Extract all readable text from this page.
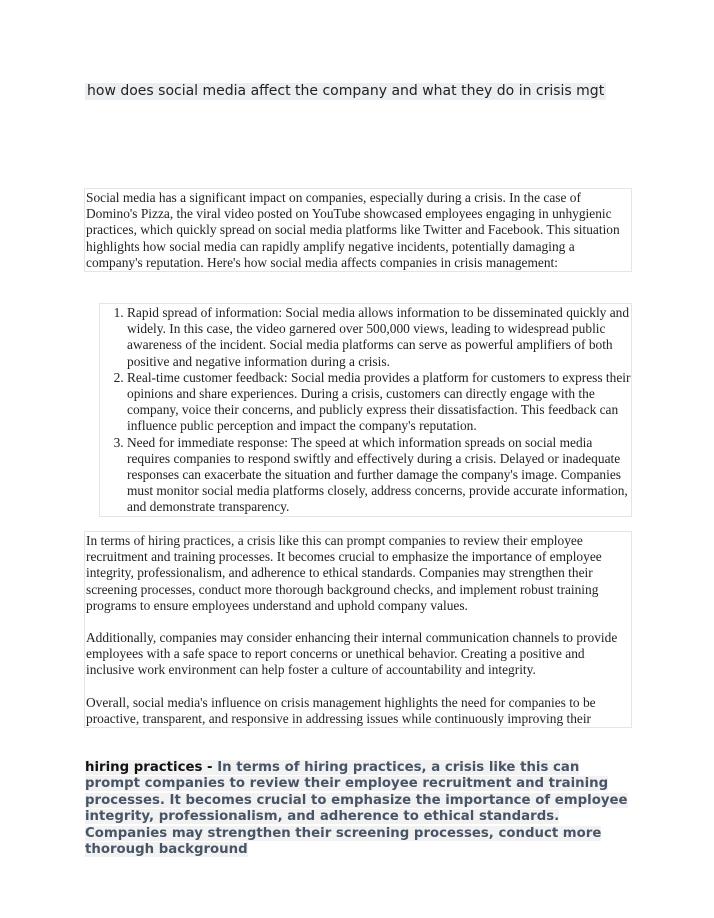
how does social media aﬀect the company and what they do in crisis mgt

Social media has a significant impact on companies, especially during a crisis. In the case of Domino's Pizza, the viral video posted on YouTube showcased employees engaging in unhygienic practices, which quickly spread on social media platforms like Twitter and Facebook. This situation highlights how social media can rapidly amplify negative incidents, potentially damaging a company's reputation. Here's how social media affects companies in crisis management:

1. Rapid spread of information: Social media allows information to be disseminated quickly and widely. In this case, the video garnered over 500,000 views, leading to widespread public awareness of the incident. Social media platforms can serve as powerful amplifiers of both positive and negative information during a crisis.
2. Real-time customer feedback: Social media provides a platform for customers to express their opinions and share experiences. During a crisis, customers can directly engage with the company, voice their concerns, and publicly express their dissatisfaction. This feedback can influence public perception and impact the company's reputation.
3. Need for immediate response: The speed at which information spreads on social media requires companies to respond swiftly and effectively during a crisis. Delayed or inadequate responses can exacerbate the situation and further damage the company's image. Companies must monitor social media platforms closely, address concerns, provide accurate information, and demonstrate transparency.

In terms of hiring practices, a crisis like this can prompt companies to review their employee recruitment and training processes. It becomes crucial to emphasize the importance of employee integrity, professionalism, and adherence to ethical standards. Companies may strengthen their screening processes, conduct more thorough background checks, and implement robust training programs to ensure employees understand and uphold company values.

Additionally, companies may consider enhancing their internal communication channels to provide employees with a safe space to report concerns or unethical behavior. Creating a positive and inclusive work environment can help foster a culture of accountability and integrity.

Overall, social media's influence on crisis management highlights the need for companies to be proactive, transparent, and responsive in addressing issues while continuously improving their

hiring practices - In terms of hiring practices, a crisis like this can prompt companies to review their employee recruitment and training processes. It becomes crucial to emphasize the importance of employee integrity, professionalism, and adherence to ethical standards. Companies may strengthen their screening processes, conduct more thorough background
